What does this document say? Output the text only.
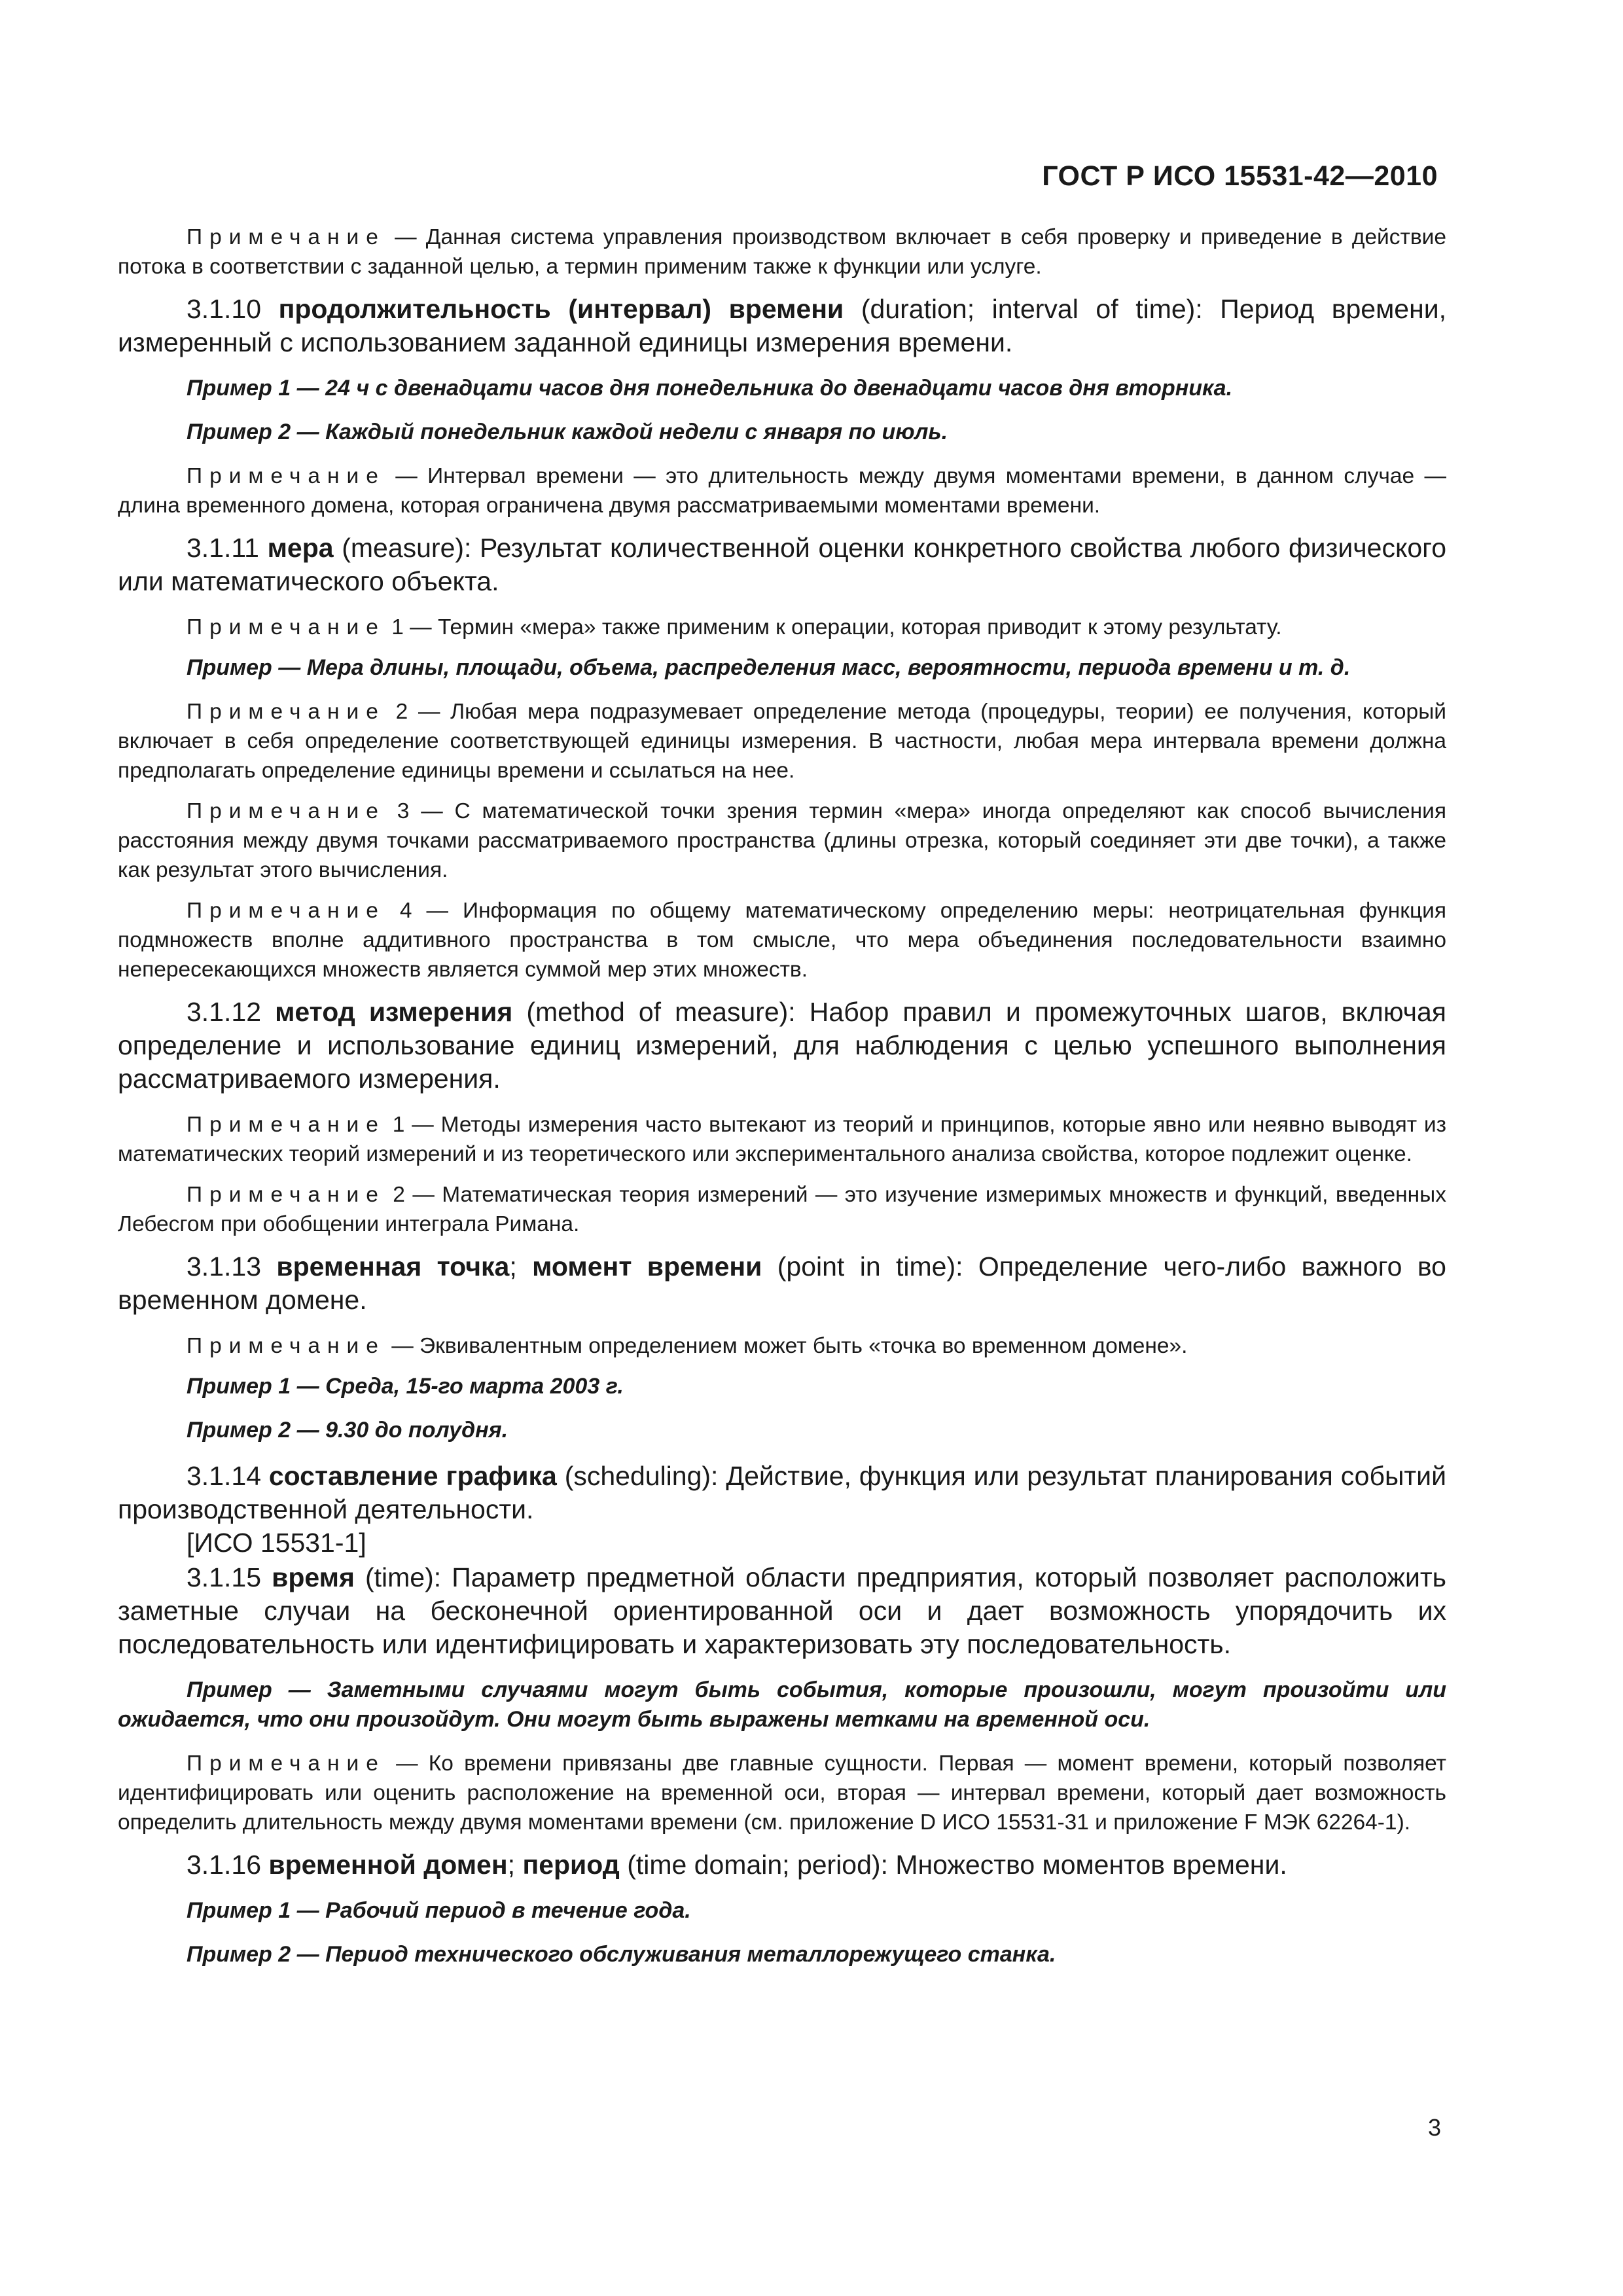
ГОСТ Р ИСО 15531-42—2010

Примечание — Данная система управления производством включает в себя проверку и приведение в действие потока в соответствии с заданной целью, а термин применим также к функции или услуге.

3.1.10 продолжительность (интервал) времени (duration; interval of time): Период времени, измеренный с использованием заданной единицы измерения времени.

Пример 1 — 24 ч с двенадцати часов дня понедельника до двенадцати часов дня вторника.

Пример 2 — Каждый понедельник каждой недели с января по июль.

Примечание — Интервал времени — это длительность между двумя моментами времени, в данном случае — длина временного домена, которая ограничена двумя рассматриваемыми моментами времени.

3.1.11 мера (measure): Результат количественной оценки конкретного свойства любого физического или математического объекта.

Примечание 1 — Термин «мера» также применим к операции, которая приводит к этому результату.

Пример — Мера длины, площади, объема, распределения масс, вероятности, периода времени и т. д.

Примечание 2 — Любая мера подразумевает определение метода (процедуры, теории) ее получения, который включает в себя определение соответствующей единицы измерения. В частности, любая мера интервала времени должна предполагать определение единицы времени и ссылаться на нее.

Примечание 3 — С математической точки зрения термин «мера» иногда определяют как способ вычисления расстояния между двумя точками рассматриваемого пространства (длины отрезка, который соединяет эти две точки), а также как результат этого вычисления.

Примечание 4 — Информация по общему математическому определению меры: неотрицательная функция подмножеств вполне аддитивного пространства в том смысле, что мера объединения последовательности взаимно непересекающихся множеств является суммой мер этих множеств.

3.1.12 метод измерения (method of measure): Набор правил и промежуточных шагов, включая определение и использование единиц измерений, для наблюдения с целью успешного выполнения рассматриваемого измерения.

Примечание 1 — Методы измерения часто вытекают из теорий и принципов, которые явно или неявно выводят из математических теорий измерений и из теоретического или экспериментального анализа свойства, которое подлежит оценке.

Примечание 2 — Математическая теория измерений — это изучение измеримых множеств и функций, введенных Лебесгом при обобщении интеграла Римана.

3.1.13 временная точка; момент времени (point in time): Определение чего-либо важного во временном домене.

Примечание — Эквивалентным определением может быть «точка во временном домене».

Пример 1 — Среда, 15-го марта 2003 г.

Пример 2 — 9.30 до полудня.

3.1.14 составление графика (scheduling): Действие, функция или результат планирования событий производственной деятельности.

[ИСО 15531-1]

3.1.15 время (time): Параметр предметной области предприятия, который позволяет расположить заметные случаи на бесконечной ориентированной оси и дает возможность упорядочить их последовательность или идентифицировать и характеризовать эту последовательность.

Пример — Заметными случаями могут быть события, которые произошли, могут произойти или ожидается, что они произойдут. Они могут быть выражены метками на временной оси.

Примечание — Ко времени привязаны две главные сущности. Первая — момент времени, который позволяет идентифицировать или оценить расположение на временной оси, вторая — интервал времени, который дает возможность определить длительность между двумя моментами времени (см. приложение D ИСО 15531-31 и приложение F МЭК 62264-1).

3.1.16 временной домен; период (time domain; period): Множество моментов времени.

Пример 1 — Рабочий период в течение года.

Пример 2 — Период технического обслуживания металлорежущего станка.

3
